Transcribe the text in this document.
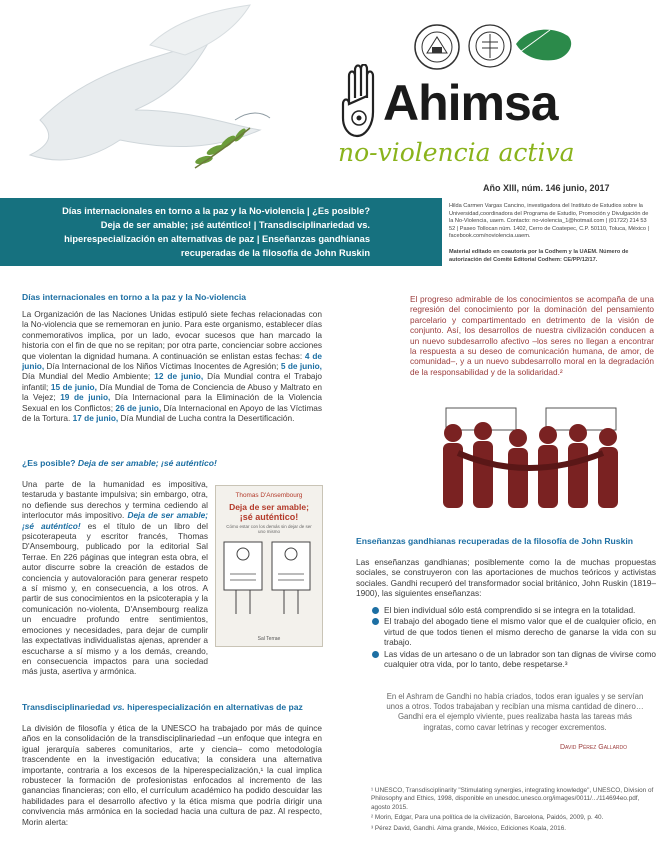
Ahimsa
no-violencia activa
Año XIII, núm. 146 junio, 2017
Días internacionales en torno a la paz y la No-violencia | ¿Es posible? Deja de ser amable; ¡sé auténtico! | Transdisciplinariedad vs. hiperespecialización en alternativas de paz | Enseñanzas gandhianas recuperadas de la filosofía de John Ruskin
Hilda Carmen Vargas Cancino, investigadora del Instituto de Estudios sobre la Universidad,coordinadora del Programa de Estudio, Promoción y Divulgación de la No-Violencia, uaem. Contacto: no-violencia_1@hotmail.com | (01722) 214 53 52 | Paseo Tollocan núm. 1402, Cerro de Coatepec, C.P. 50110, Toluca, México | facebook.com/noviolencia.uaem.
Material editado en coautoría por la Codhem y la UAEM. Número de autorización del Comité Editorial Codhem: CE/PP/12/17.
Días internacionales en torno a la paz y la No-violencia
La Organización de las Naciones Unidas estipuló siete fechas relacionadas con la No-violencia que se rememoran en junio. Para este organismo, establecer días conmemorativos implica, por un lado, evocar sucesos que han marcado la historia con el fin de que no se repitan; por otra parte, concienciar sobre acciones que violentan la dignidad humana. A continuación se enlistan estas fechas: 4 de junio, Día Internacional de los Niños Víctimas Inocentes de Agresión; 5 de junio, Día Mundial del Medio Ambiente; 12 de junio, Día Mundial contra el Trabajo infantil; 15 de junio, Día Mundial de Toma de Conciencia de Abuso y Maltrato en la Vejez; 19 de junio, Día Internacional para la Eliminación de la Violencia Sexual en los Conflictos; 26 de junio, Día Internacional en Apoyo de las Víctimas de la Tortura. 17 de junio, Día Mundial de Lucha contra la Desertificación.
¿Es posible? Deja de ser amable; ¡sé auténtico!
Una parte de la humanidad es impositiva, testaruda y bastante impulsiva; sin embargo, otra, no defiende sus derechos y termina cediendo al interlocutor más impositivo. Deja de ser amable; ¡sé auténtico! es el título de un libro del psicoterapeuta y escritor francés, Thomas D'Ansembourg, publicado por la editorial Sal Terrae. En 226 páginas que integran esta obra, el autor discurre sobre la creación de estados de conciencia y autovaloración para generar respeto a sí mismo y, en consecuencia, a los otros. A partir de sus conocimientos en la psicoterapia y la comunicación no-violenta, D'Ansembourg realiza un encuadre profundo entre sentimientos, emociones y necesidades, para dejar de cumplir las expectativas individualistas ajenas, aprender a escucharse a sí mismo y a los demás, creando, en consecuencia impactos para una sociedad más justa, asertiva y armónica.
Thomas D'Ansembourg
Deja de ser amable;
¡sé auténtico!
Cómo estar con los demás sin dejar de ser uno mismo
Sal Terrae
Transdisciplinariedad vs. hiperespecialización en alternativas de paz
La división de filosofía y ética de la UNESCO ha trabajado por más de quince años en la consolidación de la transdisciplinariedad –un enfoque que integra en igual jerarquía saberes comunitarios, arte y ciencia– como metodología trascendente en la investigación educativa; la considera una alternativa importante, contraria a los excesos de la hiperespecialización,¹ la cual implica robustecer la formación de profesionistas enfocados al incremento de las ganancias financieras; con ello, el currículum académico ha podido descuidar las habilidades para el desarrollo afectivo y la ética misma que podría dirigir una convivencia más armónica en la sociedad hacia una cultura de paz. Al respecto, Morin alerta:
El progreso admirable de los conocimientos se acompaña de una regresión del conocimiento por la dominación del pensamiento parcelario y compartimentado en detrimento de la visión de conjunto. Así, los desarrollos de nuestra civilización conducen a un nuevo subdesarrollo afectivo –los seres no llegan a encontrar la respuesta a su deseo de comunicación humana, de amor, de comunidad–, y a un nuevo subdesarrollo moral en la degradación de la responsabilidad y de la solidaridad.²
Enseñanzas gandhianas recuperadas de la filosofía de John Ruskin
Las enseñanzas gandhianas; posiblemente como la de muchas propuestas sociales, se construyeron con las aportaciones de muchos teóricos y activistas sociales. Gandhi recuperó del transformador social británico, John Ruskin (1819–1900), las siguientes enseñanzas:
El bien individual sólo está comprendido si se integra en la totalidad.
El trabajo del abogado tiene el mismo valor que el de cualquier oficio, en virtud de que todos tienen el mismo derecho de ganarse la vida con su trabajo.
Las vidas de un artesano o de un labrador son tan dignas de vivirse como cualquier otra vida, por lo tanto, debe respetarse.³
En el Ashram de Gandhi no había criados, todos eran iguales y se servían unos a otros. Todos trabajaban y recibían una misma cantidad de dinero… Gandhi era el ejemplo viviente, pues realizaba hasta las tareas más ingratas, como cavar letrinas y recoger excrementos.
David Pérez Gallardo
¹ UNESCO, Transdisciplinarity "Stimulating synergies, integrating knowledge", UNESCO, Division of Philosophy and Ethics, 1998, disponible en unesdoc.unesco.org/images/0011/.../114694eo.pdf, agosto 2015.
² Morin, Edgar, Para una política de la civilización, Barcelona, Paidós, 2009, p. 40.
³ Pérez David, Gandhi. Alma grande, México, Ediciones Koala, 2016.
